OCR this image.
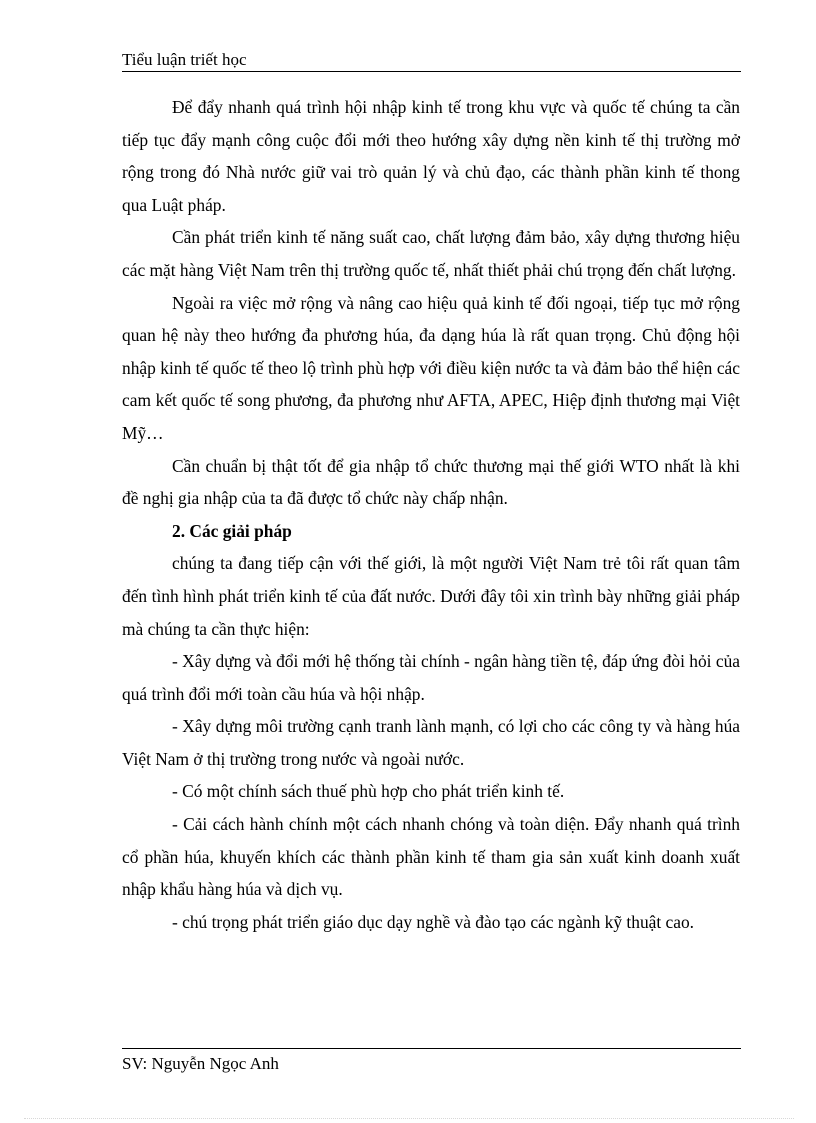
Tiểu luận triết học

Để đẩy nhanh quá trình hội nhập kinh tế trong khu vực và quốc tế chúng ta cần tiếp tục đẩy mạnh công cuộc đổi mới theo hướng xây dựng nền kinh tế thị trường mở rộng trong đó Nhà nước giữ vai trò quản lý và chủ đạo, các thành phần kinh tế thong qua Luật pháp.

Cần phát triển kinh tế năng suất cao, chất lượng đảm bảo, xây dựng thương hiệu các mặt hàng Việt Nam trên thị trường quốc tế, nhất thiết phải chú trọng đến chất lượng.

Ngoài ra việc mở rộng và nâng cao hiệu quả kinh tế đối ngoại, tiếp tục mở rộng quan hệ này theo hướng đa phương húa, đa dạng húa là rất quan trọng. Chủ động hội nhập kinh tế quốc tế theo lộ trình phù hợp với điều kiện nước ta và đảm bảo thể hiện các cam kết quốc tế song phương, đa phương như AFTA, APEC, Hiệp định thương mại Việt Mỹ…

Cần chuẩn bị thật tốt để gia nhập tổ chức thương mại thế giới WTO nhất là khi đề nghị gia nhập của ta đã được tổ chức này chấp nhận.

2. Các giải pháp

chúng ta đang tiếp cận với thế giới, là một người Việt Nam trẻ tôi rất quan tâm đến tình hình phát triển kinh tế của đất nước. Dưới đây tôi xin trình bày những giải pháp mà chúng ta cần thực hiện:

- Xây dựng và đổi mới hệ thống tài chính - ngân hàng tiền tệ, đáp ứng đòi hỏi của quá trình đổi mới toàn cầu húa và hội nhập.

- Xây dựng môi trường cạnh tranh lành mạnh, có lợi cho các công ty và hàng húa Việt Nam ở thị trường trong nước và ngoài nước.

- Có một chính sách thuế phù hợp cho phát triển kinh tế.

- Cải cách hành chính một cách nhanh chóng và toàn diện. Đẩy nhanh quá trình cổ phần húa, khuyến khích các thành phần kinh tế tham gia sản xuất kinh doanh xuất nhập khẩu hàng húa và dịch vụ.

- chú trọng phát triển giáo dục dạy nghề và đào tạo các ngành kỹ thuật cao.

SV: Nguyễn Ngọc Anh
